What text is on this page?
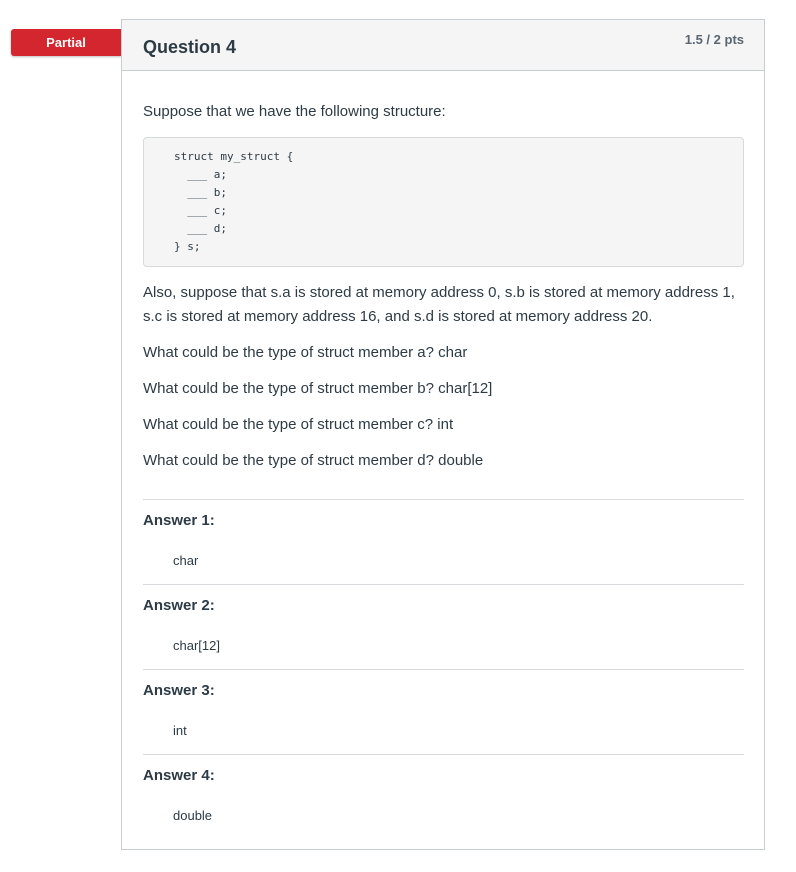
Partial	Question 4	1.5 / 2 pts

Suppose that we have the following structure:

struct my_struct {
___ a;
___ b;
___ c;
___ d;
} s;

Also, suppose that s.a is stored at memory address 0, s.b is stored at memory address 1, s.c is stored at memory address 16, and s.d is stored at memory address 20.

What could be the type of struct member a? char

What could be the type of struct member b? char[12]

What could be the type of struct member c? int

What could be the type of struct member d? double

Answer 1:
char
Answer 2:
char[12]
Answer 3:
int
Answer 4:
double
